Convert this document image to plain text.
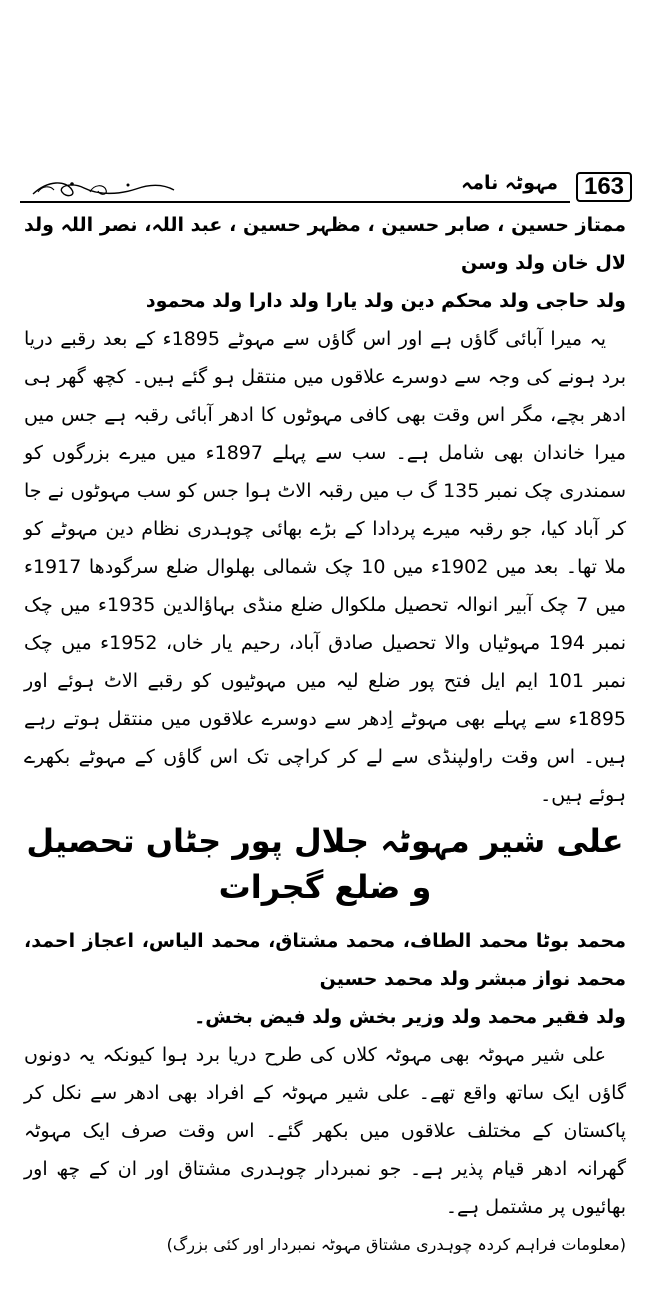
مہوٹہ نامہ	163

ممتاز حسین ، صابر حسین ، مظہر حسین ، عبد اللہ، نصر اللہ ولد لال خان ولد وسن

ولد حاجی ولد محکم دین ولد یارا ولد دارا ولد محمود

یہ میرا آبائی گاؤں ہے اور اس گاؤں سے مہوٹے 1895ء کے بعد رقبے دریا برد ہونے کی وجہ سے دوسرے علاقوں میں منتقل ہو گئے ہیں۔ کچھ گھر ہی ادھر بچے، مگر اس وقت بھی کافی مہوٹوں کا ادھر آبائی رقبہ ہے جس میں میرا خاندان بھی شامل ہے۔ سب سے پہلے 1897ء میں میرے بزرگوں کو سمندری چک نمبر 135 گ ب میں رقبہ الاٹ ہوا جس کو سب مہوٹوں نے جا کر آباد کیا، جو رقبہ میرے پردادا کے بڑے بھائی چوہدری نظام دین مہوٹے کو ملا تھا۔ بعد میں 1902ء میں 10 چک شمالی بھلوال ضلع سرگودھا 1917ء میں 7 چک آبیر انوالہ تحصیل ملکوال ضلع منڈی بہاؤالدین 1935ء میں چک نمبر 194 مہوٹیاں والا تحصیل صادق آباد، رحیم یار خاں، 1952ء میں چک نمبر 101 ایم ایل فتح پور ضلع لیہ میں مہوٹیوں کو رقبے الاٹ ہوئے اور 1895ء سے پہلے بھی مہوٹے اِدھر سے دوسرے علاقوں میں منتقل ہوتے رہے ہیں۔ اس وقت راولپنڈی سے لے کر کراچی تک اس گاؤں کے مہوٹے بکھرے ہوئے ہیں۔

علی شیر مہوٹہ جلال پور جٹاں تحصیل و ضلع گجرات

محمد بوٹا محمد الطاف، محمد مشتاق، محمد الیاس، اعجاز احمد، محمد نواز مبشر ولد محمد حسین

ولد فقیر محمد ولد وزیر بخش ولد فیض بخش۔

علی شیر مہوٹہ بھی مہوٹہ کلاں کی طرح دریا برد ہوا کیونکہ یہ دونوں گاؤں ایک ساتھ واقع تھے۔ علی شیر مہوٹہ کے افراد بھی ادھر سے نکل کر پاکستان کے مختلف علاقوں میں بکھر گئے۔ اس وقت صرف ایک مہوٹہ گھرانہ ادھر قیام پذیر ہے۔ جو نمبردار چوہدری مشتاق اور ان کے چھ اور بھائیوں پر مشتمل ہے۔

(معلومات فراہم کردہ چوہدری مشتاق مہوٹہ نمبردار اور کئی بزرگ)
